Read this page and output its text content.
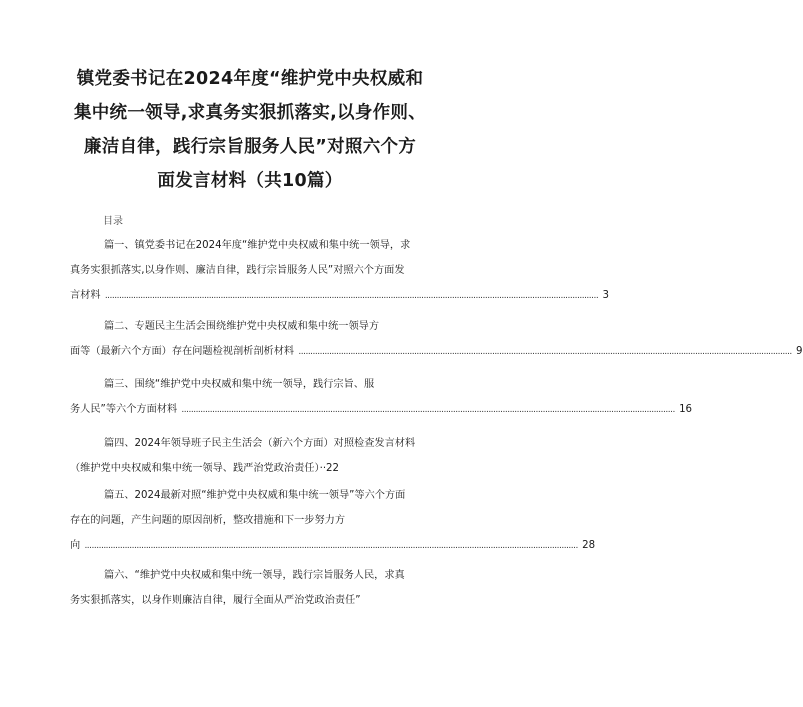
镇党委书记在2024年度“维护党中央权威和
集中统一领导,求真务实狠抓落实,以身作则、
廉洁自律，践行宗旨服务人民”对照六个方
面发言材料（共10篇）
目录
篇一、镇党委书记在2024年度“维护党中央权威和集中统一领导，求
真务实狠抓落实,以身作则、廉洁自律，践行宗旨服务人民”对照六个方面发
言材料 .....	3
篇二、专题民主生活会围绕维护党中央权威和集中统一领导方
面等（最新六个方面）存在问题检视剖析剖析材料 .....	9
篇三、围绕“维护党中央权威和集中统一领导，践行宗旨、服
务人民”等六个方面材料 .....	16
篇四、2024年领导班子民主生活会（新六个方面）对照检查发言材料
（维护党中央权威和集中统一领导、践严治党政治责任）··22
篇五、2024最新对照“维护党中央权威和集中统一领导”等六个方面
存在的问题，产生问题的原因剖析，整改措施和下一步努力方
向 .....	28
篇六、“维护党中央权威和集中统一领导，践行宗旨服务人民，求真
务实狠抓落实，以身作则廉洁自律，履行全面从严治党政治责任”
